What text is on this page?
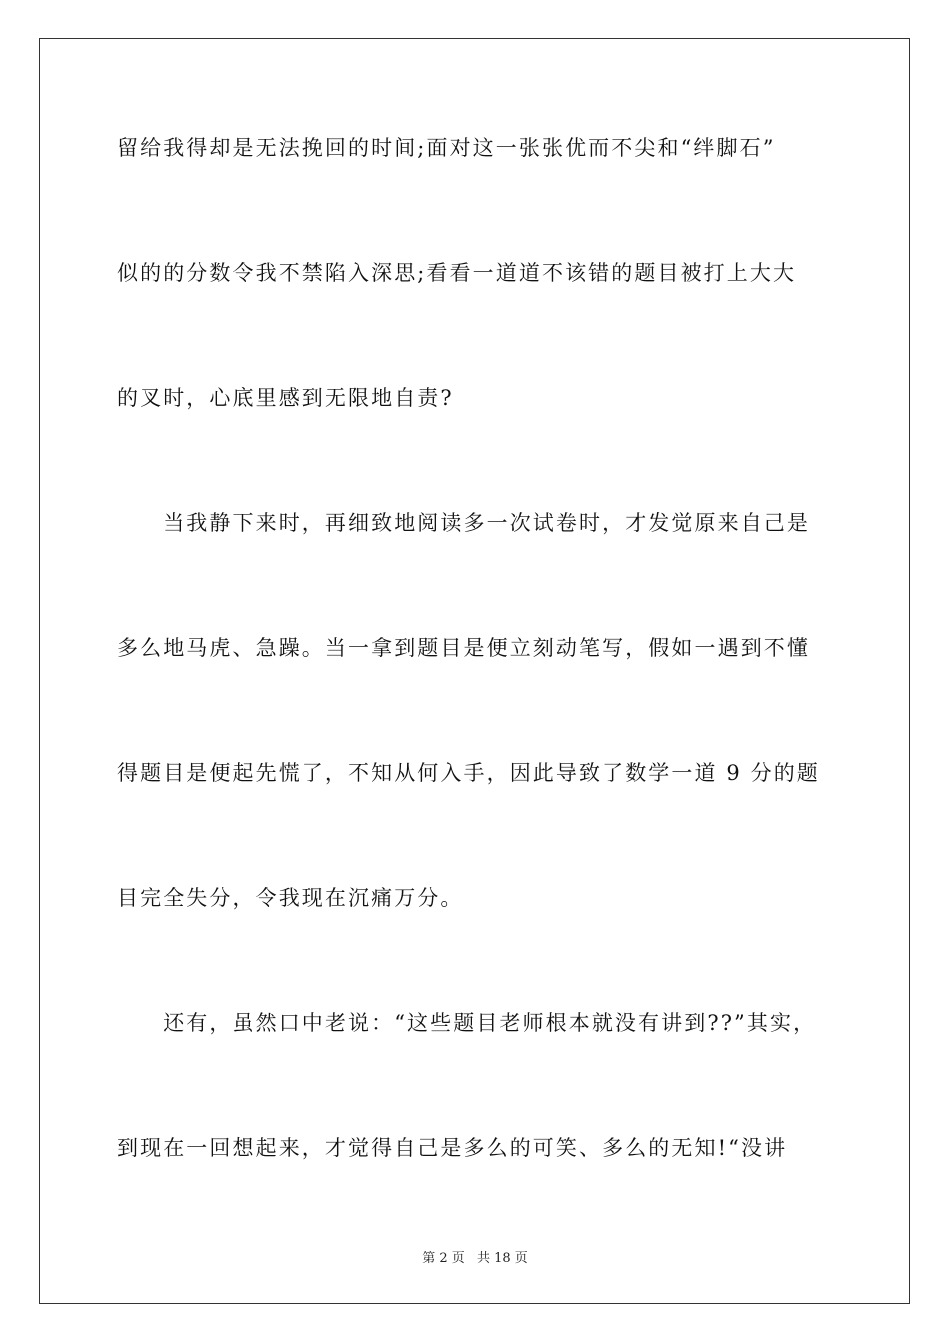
留给我得却是无法挽回的时间;面对这一张张优而不尖和“绊脚石”
似的的分数令我不禁陷入深思;看看一道道不该错的题目被打上大大
的叉时，心底里感到无限地自责?
　　当我静下来时，再细致地阅读多一次试卷时，才发觉原来自己是
多么地马虎、急躁。当一拿到题目是便立刻动笔写，假如一遇到不懂
得题目是便起先慌了，不知从何入手，因此导致了数学一道 9 分的题
目完全失分，令我现在沉痛万分。
　　还有，虽然口中老说：“这些题目老师根本就没有讲到??”其实，
到现在一回想起来，才觉得自己是多么的可笑、多么的无知!“没讲
第 2 页 共 18 页
